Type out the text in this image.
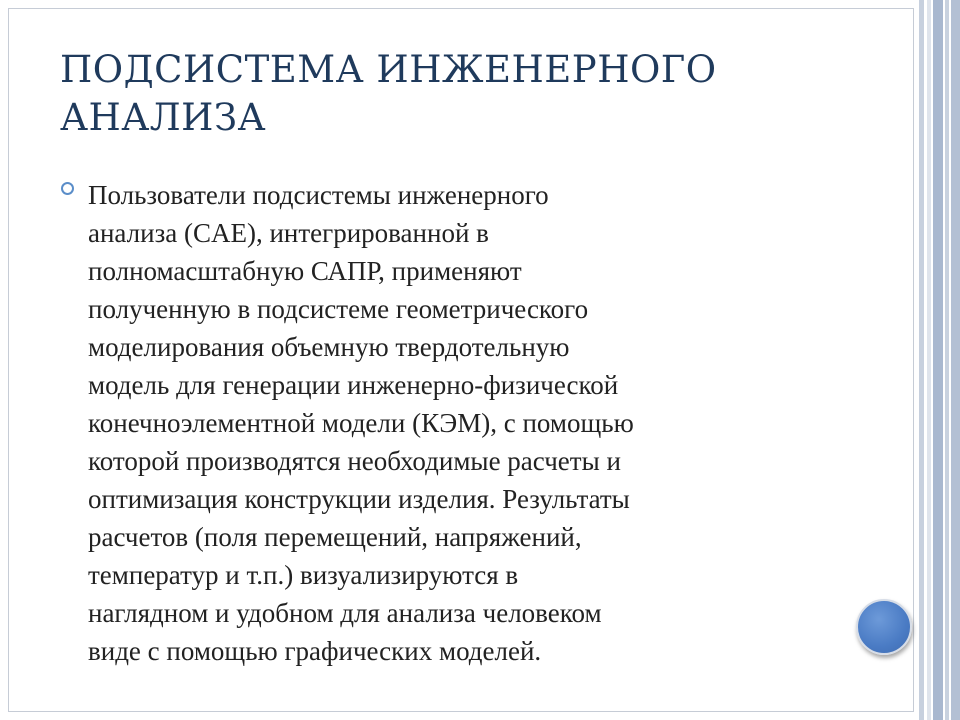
ПОДСИСТЕМА ИНЖЕНЕРНОГО
АНАЛИЗА

Пользователи подсистемы инженерного
анализа (CAE), интегрированной в
полномасштабную САПР, применяют
полученную в подсистеме геометрического
моделирования объемную твердотельную
модель для генерации инженерно-физической
конечноэлементной модели (КЭМ), с помощью
которой производятся необходимые расчеты и
оптимизация конструкции изделия. Результаты
расчетов (поля перемещений, напряжений,
температур и т.п.) визуализируются в
наглядном и удобном для анализа человеком
виде с помощью графических моделей.
